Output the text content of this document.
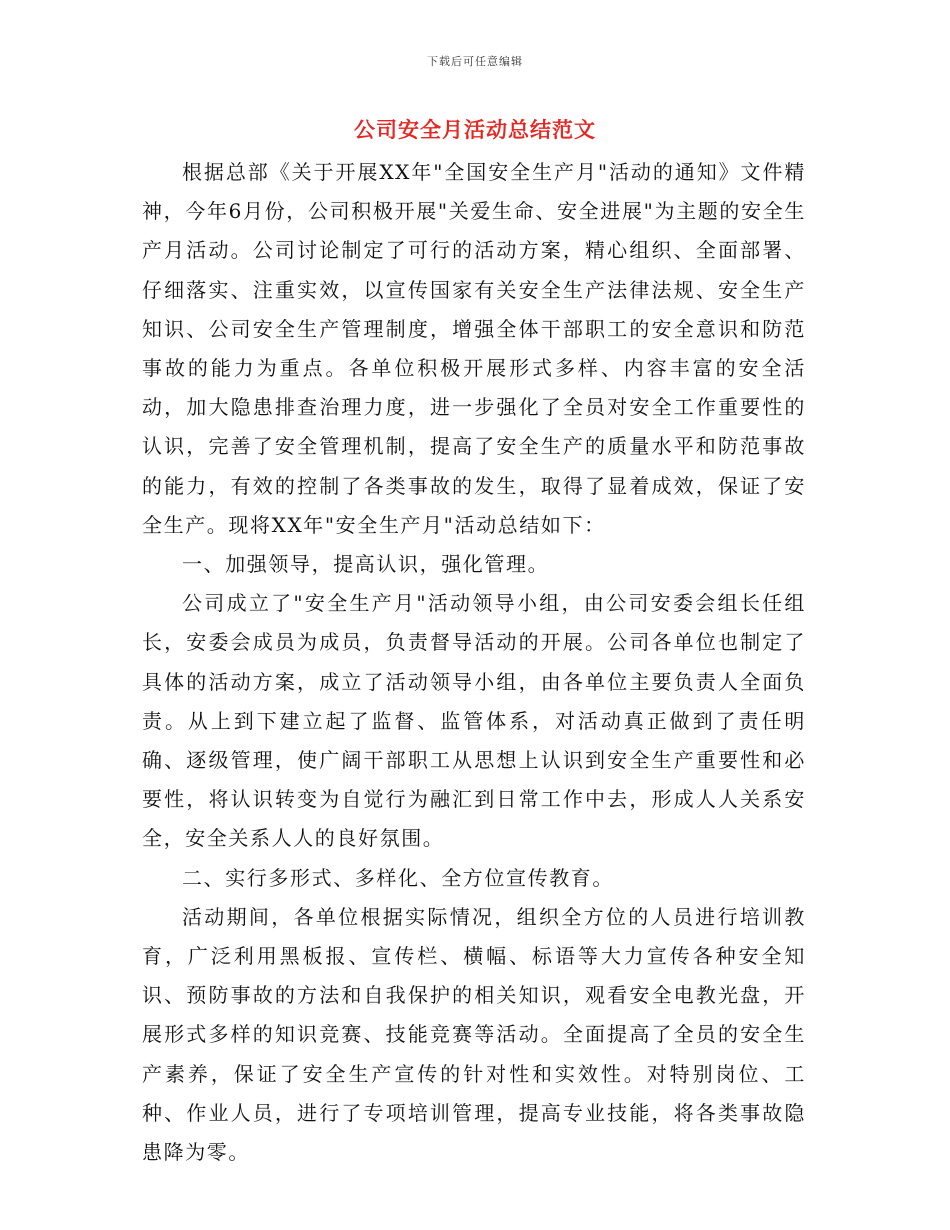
下载后可任意编辑
公司安全月活动总结范文

根据总部《关于开展XX年"全国安全生产月"活动的通知》文件精神，今年6月份，公司积极开展"关爱生命、安全进展"为主题的安全生产月活动。公司讨论制定了可行的活动方案，精心组织、全面部署、仔细落实、注重实效，以宣传国家有关安全生产法律法规、安全生产知识、公司安全生产管理制度，增强全体干部职工的安全意识和防范事故的能力为重点。各单位积极开展形式多样、内容丰富的安全活动，加大隐患排查治理力度，进一步强化了全员对安全工作重要性的认识，完善了安全管理机制，提高了安全生产的质量水平和防范事故的能力，有效的控制了各类事故的发生，取得了显着成效，保证了安全生产。现将XX年"安全生产月"活动总结如下：

一、加强领导，提高认识，强化管理。

公司成立了"安全生产月"活动领导小组，由公司安委会组长任组长，安委会成员为成员，负责督导活动的开展。公司各单位也制定了具体的活动方案，成立了活动领导小组，由各单位主要负责人全面负责。从上到下建立起了监督、监管体系，对活动真正做到了责任明确、逐级管理，使广阔干部职工从思想上认识到安全生产重要性和必要性，将认识转变为自觉行为融汇到日常工作中去，形成人人关系安全，安全关系人人的良好氛围。

二、实行多形式、多样化、全方位宣传教育。

活动期间，各单位根据实际情况，组织全方位的人员进行培训教育，广泛利用黑板报、宣传栏、横幅、标语等大力宣传各种安全知识、预防事故的方法和自我保护的相关知识，观看安全电教光盘，开展形式多样的知识竞赛、技能竞赛等活动。全面提高了全员的安全生产素养，保证了安全生产宣传的针对性和实效性。对特别岗位、工种、作业人员，进行了专项培训管理，提高专业技能，将各类事故隐患降为零。
